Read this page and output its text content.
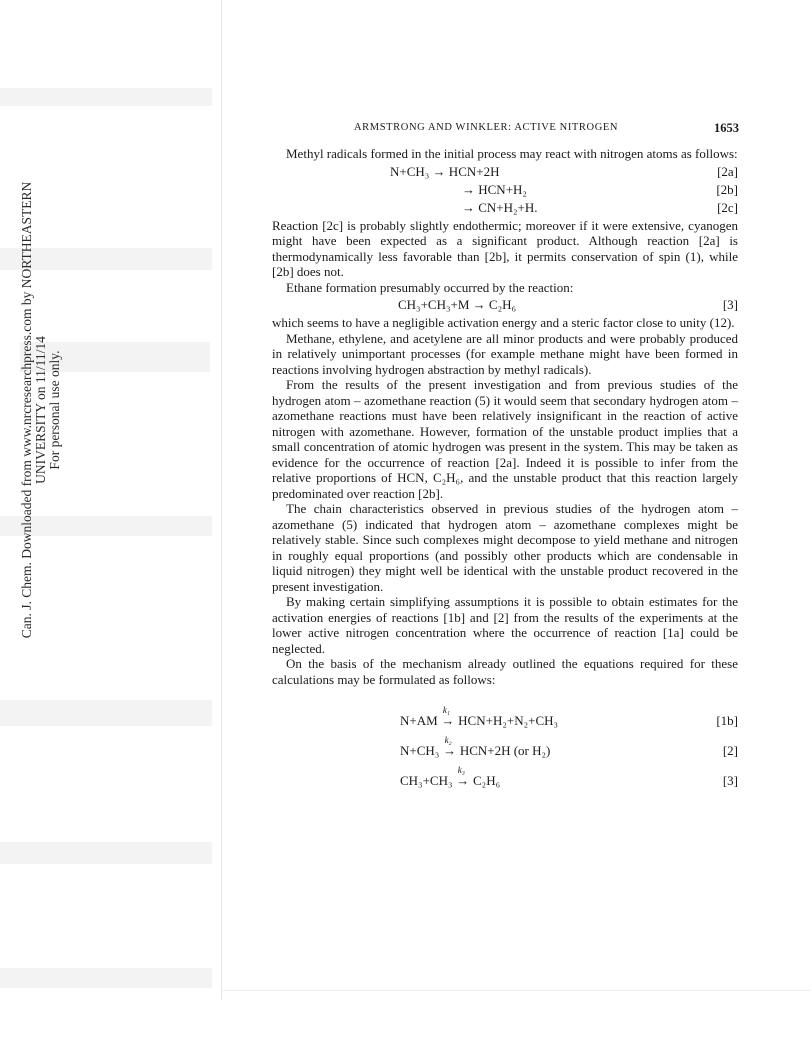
Can. J. Chem. Downloaded from www.nrcresearchpress.com by NORTHEASTERN UNIVERSITY on 11/11/14 For personal use only.
ARMSTRONG AND WINKLER: ACTIVE NITROGEN	1653

Methyl radicals formed in the initial process may react with nitrogen atoms as follows:

N+CH₃ → HCN+2H	[2a]
→ HCN+H₂	[2b]
→ CN+H₂+H.	[2c]

Reaction [2c] is probably slightly endothermic; moreover if it were extensive, cyanogen might have been expected as a significant product. Although reaction [2a] is thermodynamically less favorable than [2b], it permits conservation of spin (1), while [2b] does not.

Ethane formation presumably occurred by the reaction:

CH₃+CH₃+M → C₂H₆	[3]

which seems to have a negligible activation energy and a steric factor close to unity (12).

Methane, ethylene, and acetylene are all minor products and were probably produced in relatively unimportant processes (for example methane might have been formed in reactions involving hydrogen abstraction by methyl radicals).

From the results of the present investigation and from previous studies of the hydrogen atom – azomethane reaction (5) it would seem that secondary hydrogen atom – azomethane reactions must have been relatively insignificant in the reaction of active nitrogen with azomethane. However, formation of the unstable product implies that a small concentration of atomic hydrogen was present in the system. This may be taken as evidence for the occurrence of reaction [2a]. Indeed it is possible to infer from the relative proportions of HCN, C₂H₆, and the unstable product that this reaction largely predominated over reaction [2b].

The chain characteristics observed in previous studies of the hydrogen atom – azomethane (5) indicated that hydrogen atom – azomethane complexes might be relatively stable. Since such complexes might decompose to yield methane and nitrogen in roughly equal proportions (and possibly other products which are condensable in liquid nitrogen) they might well be identical with the unstable product recovered in the present investigation.

By making certain simplifying assumptions it is possible to obtain estimates for the activation energies of reactions [1b] and [2] from the results of the experiments at the lower active nitrogen concentration where the occurrence of reaction [1a] could be neglected.

On the basis of the mechanism already outlined the equations required for these calculations may be formulated as follows:

N+AM →
k₁
HCN+H₂+N₂+CH₃	[1b]
N+CH₃ →
k₂
HCN+2H (or H₂)	[2]
CH₃+CH₃ →
k₃
C₂H₆	[3]
